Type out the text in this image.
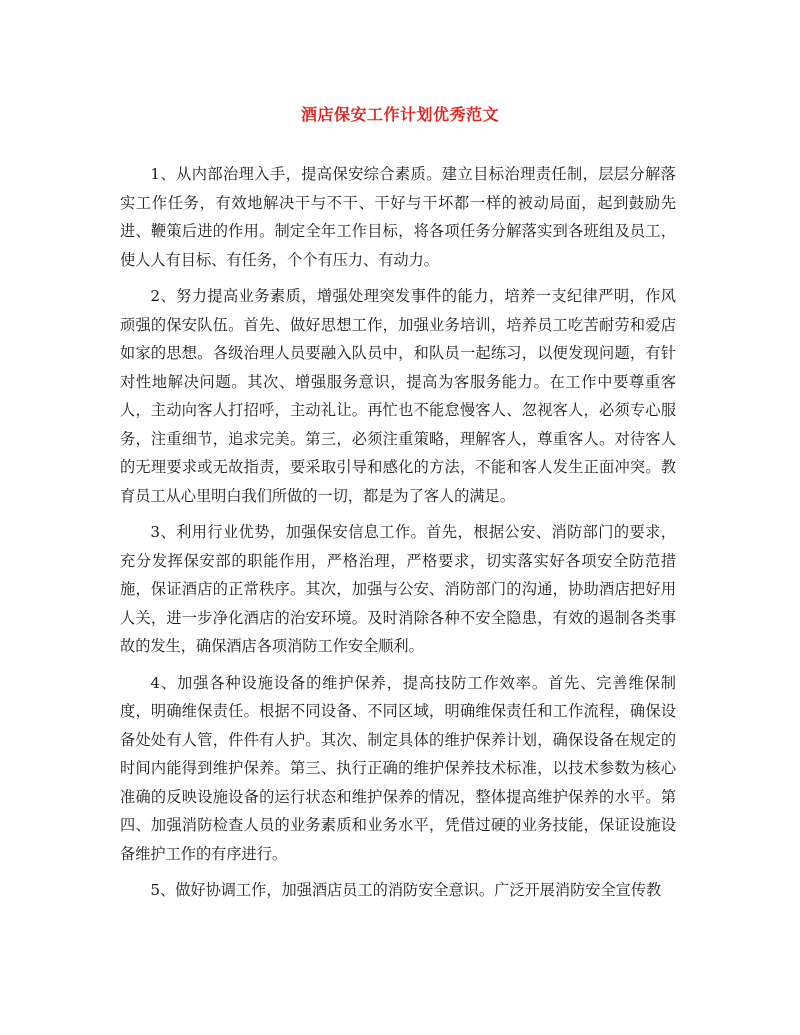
酒店保安工作计划优秀范文

1、从内部治理入手，提高保安综合素质。建立目标治理责任制，层层分解落实工作任务，有效地解决干与不干、干好与干坏都一样的被动局面，起到鼓励先进、鞭策后进的作用。制定全年工作目标，将各项任务分解落实到各班组及员工，使人人有目标、有任务，个个有压力、有动力。

2、努力提高业务素质，增强处理突发事件的能力，培养一支纪律严明，作风顽强的保安队伍。首先、做好思想工作，加强业务培训，培养员工吃苦耐劳和爱店如家的思想。各级治理人员要融入队员中，和队员一起练习，以便发现问题，有针对性地解决问题。其次、增强服务意识，提高为客服务能力。在工作中要尊重客人，主动向客人打招呼，主动礼让。再忙也不能怠慢客人、忽视客人，必须专心服务，注重细节，追求完美。第三，必须注重策略，理解客人，尊重客人。对待客人的无理要求或无故指责，要采取引导和感化的方法，不能和客人发生正面冲突。教育员工从心里明白我们所做的一切，都是为了客人的满足。

3、利用行业优势，加强保安信息工作。首先，根据公安、消防部门的要求，充分发挥保安部的职能作用，严格治理，严格要求，切实落实好各项安全防范措施，保证酒店的正常秩序。其次，加强与公安、消防部门的沟通，协助酒店把好用人关，进一步净化酒店的治安环境。及时消除各种不安全隐患，有效的遏制各类事故的发生，确保酒店各项消防工作安全顺利。

4、加强各种设施设备的维护保养，提高技防工作效率。首先、完善维保制度，明确维保责任。根据不同设备、不同区域，明确维保责任和工作流程，确保设备处处有人管，件件有人护。其次、制定具体的维护保养计划，确保设备在规定的时间内能得到维护保养。第三、执行正确的维护保养技术标准，以技术参数为核心准确的反映设施设备的运行状态和维护保养的情况，整体提高维护保养的水平。第四、加强消防检查人员的业务素质和业务水平，凭借过硬的业务技能，保证设施设备维护工作的有序进行。

5、做好协调工作，加强酒店员工的消防安全意识。广泛开展消防安全宣传教
